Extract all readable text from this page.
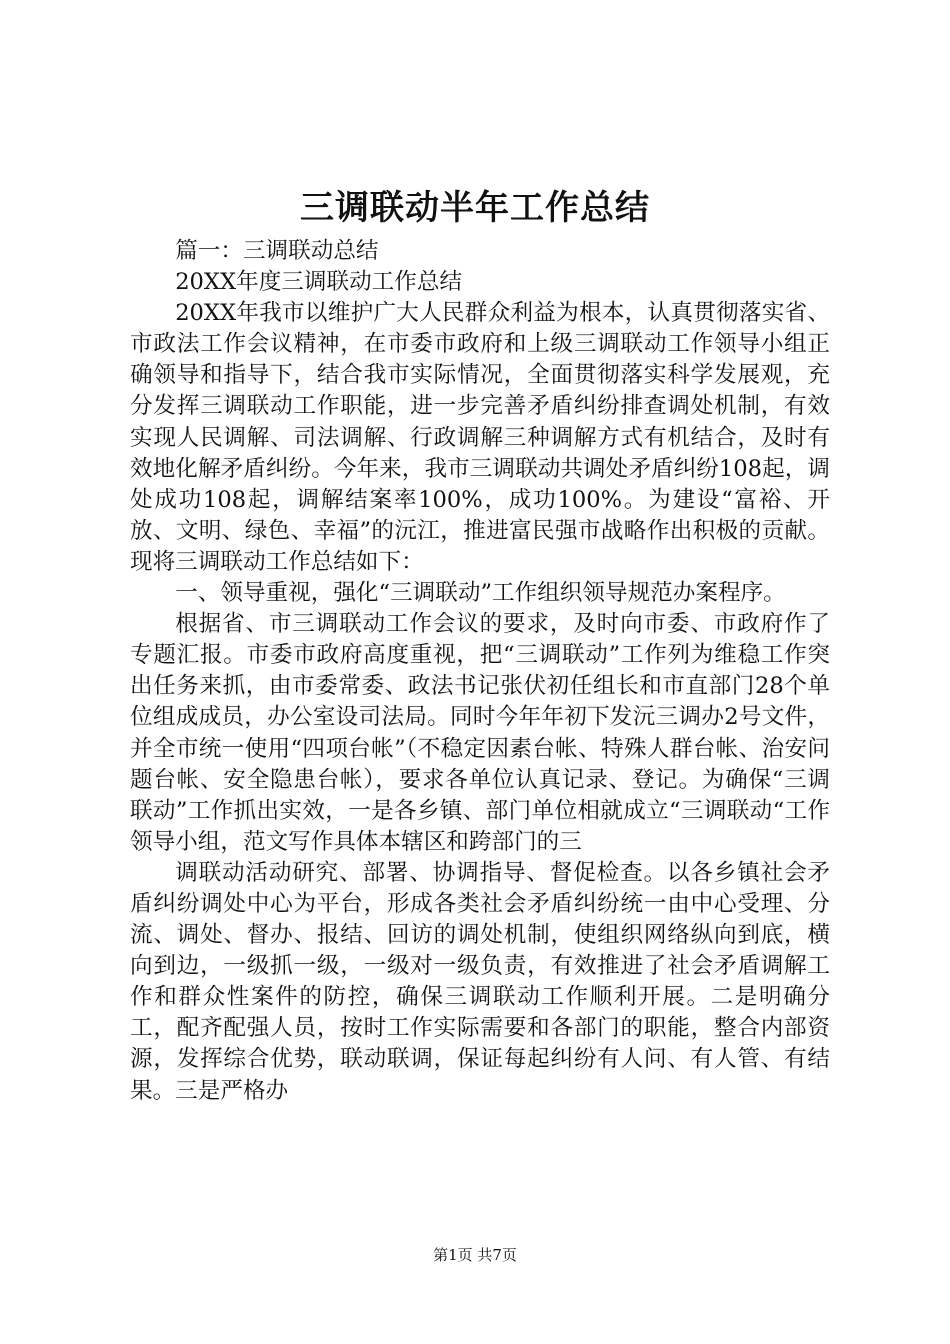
三调联动半年工作总结

篇一：三调联动总结

20XX年度三调联动工作总结

20XX年我市以维护广大人民群众利益为根本，认真贯彻落实省、市政法工作会议精神，在市委市政府和上级三调联动工作领导小组正确领导和指导下，结合我市实际情况，全面贯彻落实科学发展观，充分发挥三调联动工作职能，进一步完善矛盾纠纷排查调处机制，有效实现人民调解、司法调解、行政调解三种调解方式有机结合，及时有效地化解矛盾纠纷。今年来，我市三调联动共调处矛盾纠纷108起，调处成功108起，调解结案率100%，成功100%。为建设“富裕、开放、文明、绿色、幸福”的沅江，推进富民强市战略作出积极的贡献。现将三调联动工作总结如下：

一、领导重视，强化“三调联动”工作组织领导规范办案程序。

根据省、市三调联动工作会议的要求，及时向市委、市政府作了专题汇报。市委市政府高度重视，把“三调联动”工作列为维稳工作突出任务来抓，由市委常委、政法书记张伏初任组长和市直部门28个单位组成成员，办公室设司法局。同时今年年初下发沅三调办2号文件，并全市统一使用“四项台帐”（不稳定因素台帐、特殊人群台帐、治安问题台帐、安全隐患台帐），要求各单位认真记录、登记。为确保“三调联动”工作抓出实效，一是各乡镇、部门单位相就成立“三调联动“工作领导小组，范文写作具体本辖区和跨部门的三

调联动活动研究、部署、协调指导、督促检查。以各乡镇社会矛盾纠纷调处中心为平台，形成各类社会矛盾纠纷统一由中心受理、分流、调处、督办、报结、回访的调处机制，使组织网络纵向到底，横向到边，一级抓一级，一级对一级负责，有效推进了社会矛盾调解工作和群众性案件的防控，确保三调联动工作顺利开展。二是明确分工，配齐配强人员，按时工作实际需要和各部门的职能，整合内部资源，发挥综合优势，联动联调，保证每起纠纷有人问、有人管、有结果。三是严格办

第1页 共7页
